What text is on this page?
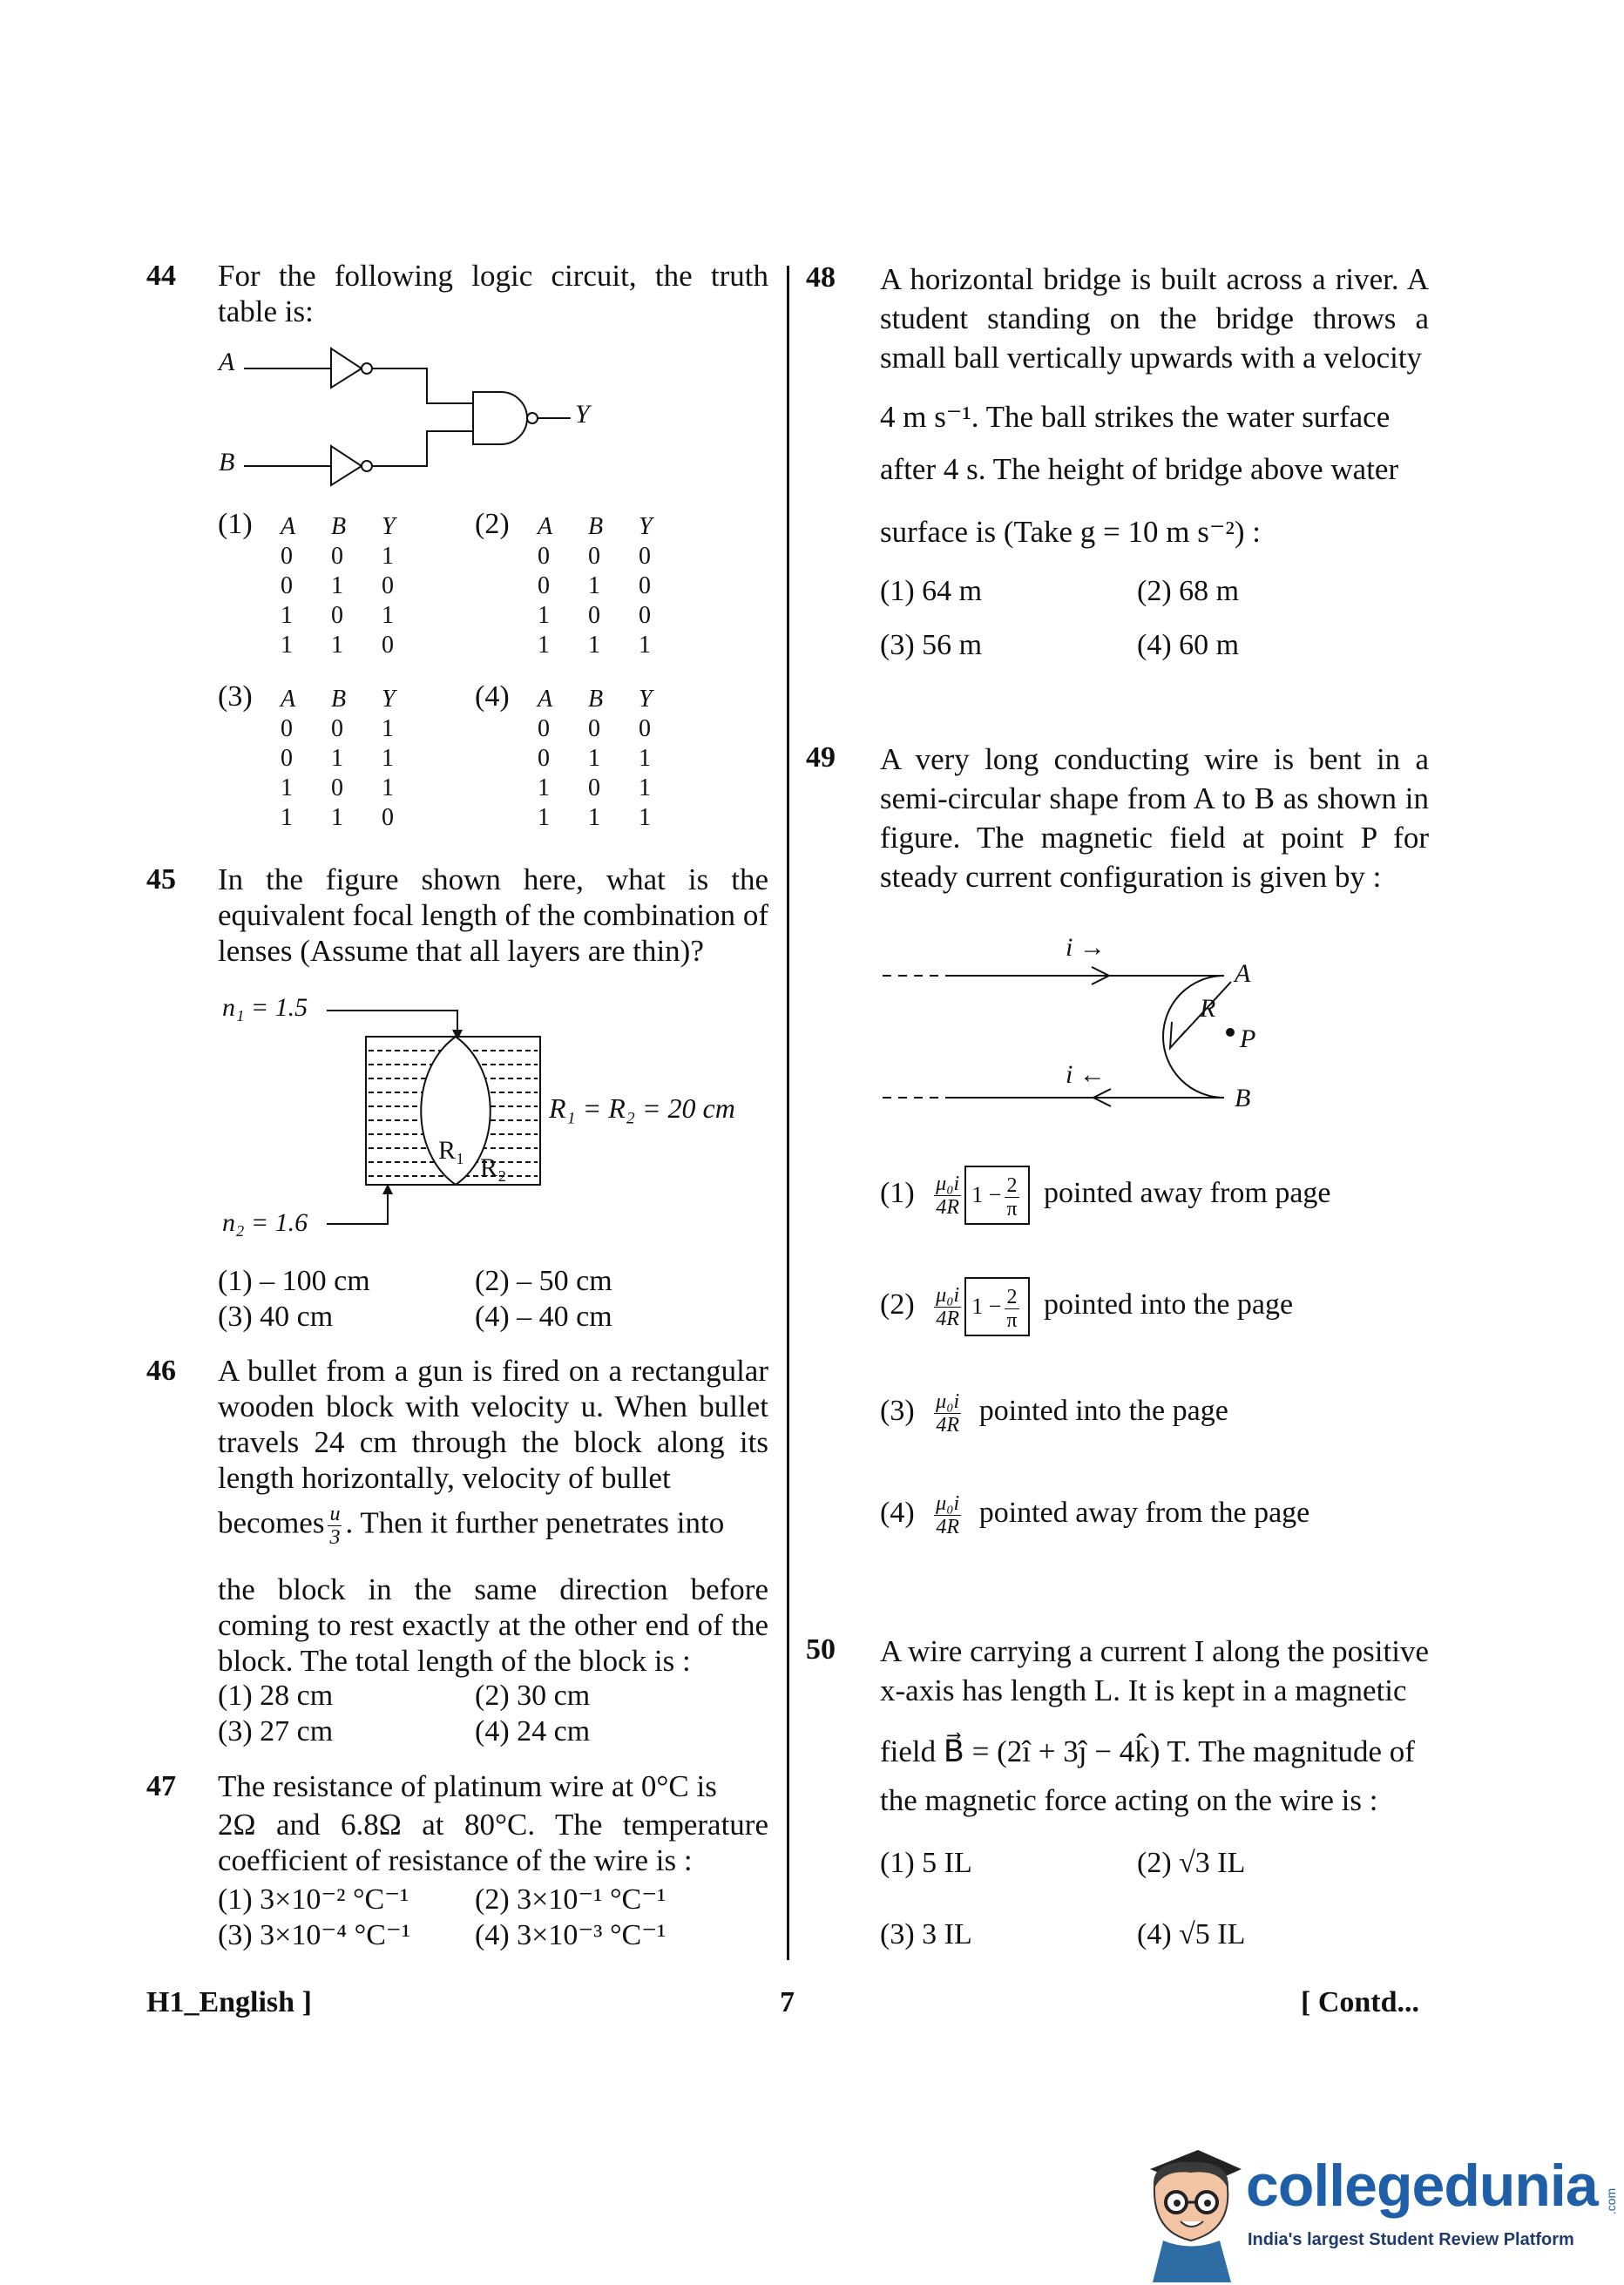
44 For the following logic circuit, the truth table is:
A
B
Y
(1) A B Y
0 0 1
0 1 0
1 0 1
1 1 0
(2) A B Y
0 0 0
0 1 0
1 0 0
1 1 1
(3) A B Y
0 0 1
0 1 1
1 0 1
1 1 0
(4) A B Y
0 0 0
0 1 1
1 0 1
1 1 1
45 In the figure shown here, what is the equivalent focal length of the combination of lenses (Assume that all layers are thin)?
n₁ = 1.5
n₂ = 1.6
R₁ = R₂ = 20 cm
R₁
R₂
(1) – 100 cm	(2) – 50 cm
(3) 40 cm	(4) – 40 cm
46 A bullet from a gun is fired on a rectangular wooden block with velocity u. When bullet travels 24 cm through the block along its length horizontally, velocity of bullet
becomes $\frac{u}{3}$ . Then it further penetrates into
the block in the same direction before coming to rest exactly at the other end of the block. The total length of the block is :
(1) 28 cm	(2) 30 cm
(3) 27 cm	(4) 24 cm
47 The resistance of platinum wire at 0°C is
2Ω and 6.8Ω at 80°C. The temperature coefficient of resistance of the wire is :
(1) 3×10⁻² °C⁻¹ (2) 3×10⁻¹ °C⁻¹
(3) 3×10⁻⁴ °C⁻¹ (4) 3×10⁻³ °C⁻¹
48 A horizontal bridge is built across a river. A student standing on the bridge throws a small ball vertically upwards with a velocity
4 m s⁻¹. The ball strikes the water surface
after 4 s. The height of bridge above water
surface is (Take g = 10 m s⁻²) :
(1) 64 m	(2) 68 m
(3) 56 m	(4) 60 m
49 A very long conducting wire is bent in a semi-circular shape from A to B as shown in figure. The magnetic field at point P for steady current configuration is given by :
i →
i ←
A
B
R
P
$(1) \frac{\text{μ₀i}}{4R} 1 - \frac{2}{\pi}$ pointed away from page
$(2) \frac{\text{μ₀i}}{4R} 1 - \frac{2}{\pi}$ pointed into the page
$(3) \frac{\text{μ₀i}}{4R}$ pointed into the page
$(4) \frac{\text{μ₀i}}{4R}$ pointed away from the page
50 A wire carrying a current I along the positive x-axis has length L. It is kept in a magnetic
field B⃗ = (2î + 3ĵ − 4k̂) T. The magnitude of
the magnetic force acting on the wire is :
(1) 5 IL	(2) √3 IL
(3) 3 IL	(4) √5 IL
H1_English ]	7	[ Contd...
collegedunia .com
India's largest Student Review Platform
